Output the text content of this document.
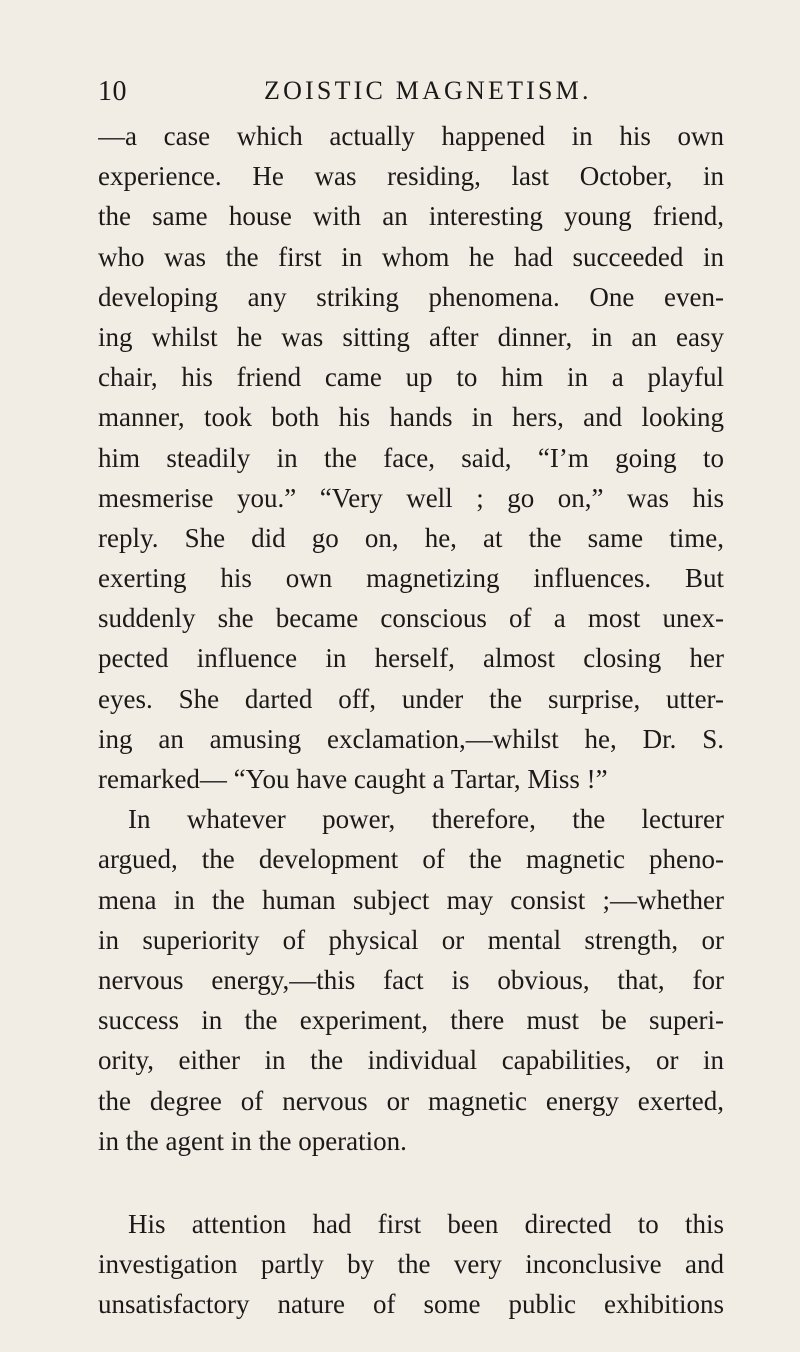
10	ZOISTIC MAGNETISM.
—a case which actually happened in his own
experience. He was residing, last October, in
the same house with an interesting young friend,
who was the first in whom he had succeeded in
developing any striking phenomena. One even-
ing whilst he was sitting after dinner, in an easy
chair, his friend came up to him in a playful
manner, took both his hands in hers, and looking
him steadily in the face, said, “I’m going to
mesmerise you.” “Very well ; go on,” was his
reply. She did go on, he, at the same time,
exerting his own magnetizing influences. But
suddenly she became conscious of a most unex-
pected influence in herself, almost closing her
eyes. She darted off, under the surprise, utter-
ing an amusing exclamation,—whilst he, Dr. S.
remarked— “You have caught a Tartar, Miss !”
In whatever power, therefore, the lecturer
argued, the development of the magnetic pheno-
mena in the human subject may consist ;—whether
in superiority of physical or mental strength, or
nervous energy,—this fact is obvious, that, for
success in the experiment, there must be superi-
ority, either in the individual capabilities, or in
the degree of nervous or magnetic energy exerted,
in the agent in the operation.
His attention had first been directed to this
investigation partly by the very inconclusive and
unsatisfactory nature of some public exhibitions
